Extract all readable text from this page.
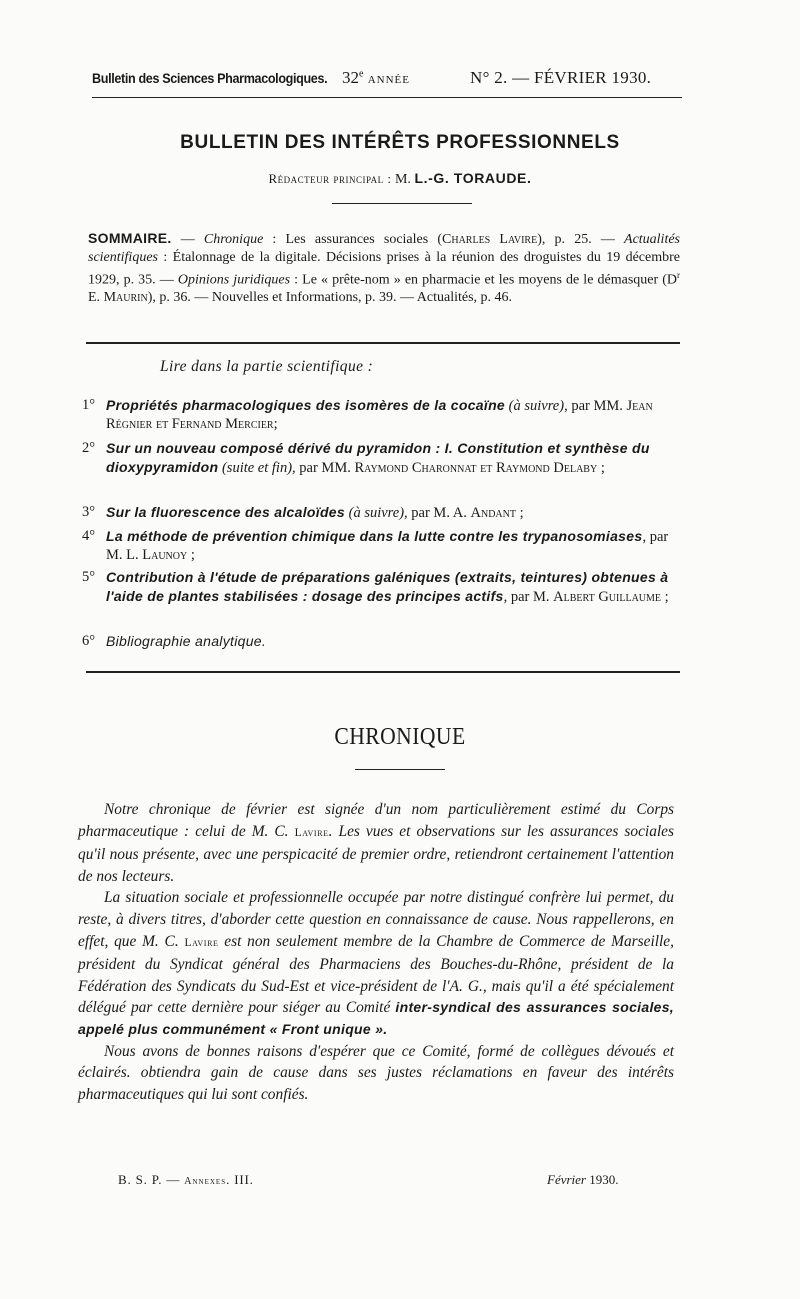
Bulletin des Sciences Pharmacologiques. 32e ANNÉE	N° 2. — FÉVRIER 1930.
BULLETIN DES INTÉRÊTS PROFESSIONNELS
Rédacteur principal : M. L.-G. TORAUDE.
SOMMAIRE. — Chronique : Les assurances sociales (Charles Lavire), p. 25. — Actualités scientifiques : Étalonnage de la digitale. Décisions prises à la réunion des droguistes du 19 décembre 1929, p. 35. — Opinions juridiques : Le « prête-nom » en pharmacie et les moyens de le démasquer ($D^r$ E. Maurin), p. 36. — Nouvelles et Informations, p. 39. — Actualités, p. 46.
Lire dans la partie scientifique :
1° Propriétés pharmacologiques des isomères de la cocaïne (à suivre), par MM. Jean Régnier et Fernand Mercier;
2° Sur un nouveau composé dérivé du pyramidon : I. Constitution et synthèse du dioxypyramidon (suite et fin), par MM. Raymond Charonnat et Raymond Delaby ;
3° Sur la fluorescence des alcaloïdes (à suivre), par M. A. Andant ;
4° La méthode de prévention chimique dans la lutte contre les trypanosomiases, par M. L. Launoy ;
5° Contribution à l'étude de préparations galéniques (extraits, teintures) obtenues à l'aide de plantes stabilisées : dosage des principes actifs, par M. Albert Guillaume ;
6° Bibliographie analytique.
CHRONIQUE

Notre chronique de février est signée d'un nom particulièrement estimé du Corps pharmaceutique : celui de M. C. Lavire. Les vues et observations sur les assurances sociales qu'il nous présente, avec une perspicacité de premier ordre, retiendront certainement l'attention de nos lecteurs.

La situation sociale et professionnelle occupée par notre distingué confrère lui permet, du reste, à divers titres, d'aborder cette question en connaissance de cause. Nous rappellerons, en effet, que M. C. Lavire est non seulement membre de la Chambre de Commerce de Marseille, président du Syndicat général des Pharmaciens des Bouches-du-Rhône, président de la Fédération des Syndicats du Sud-Est et vice-président de l'A. G., mais qu'il a été spécialement délégué par cette dernière pour siéger au Comité inter-syndical des assurances sociales, appelé plus communément « Front unique ».

Nous avons de bonnes raisons d'espérer que ce Comité, formé de collègues dévoués et éclairés. obtiendra gain de cause dans ses justes réclamations en faveur des intérêts pharmaceutiques qui lui sont confiés.

B. S. P. — Annexes. III.	Février 1930.
